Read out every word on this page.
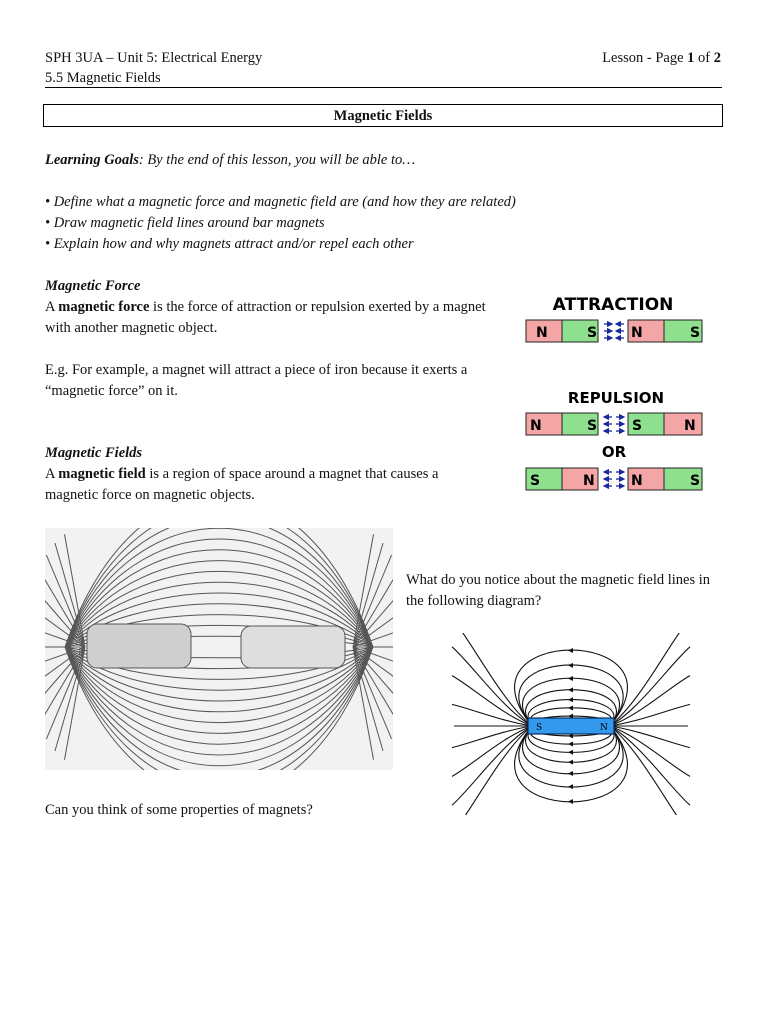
SPH 3UA – Unit 5: Electrical Energy
5.5 Magnetic Fields
Lesson - Page 1 of 2
Magnetic Fields
Learning Goals: By the end of this lesson, you will be able to…
• Define what a magnetic force and magnetic field are (and how they are related)
• Draw magnetic field lines around bar magnets
• Explain how and why magnets attract and/or repel each other
Magnetic Force
A magnetic force is the force of attraction or repulsion exerted by a magnet with another magnetic object.
E.g. For example, a magnet will attract a piece of iron because it exerts a “magnetic force” on it.
Magnetic Fields
A magnetic field is a region of space around a magnet that causes a magnetic force on magnetic objects.
ATTRACTION
N	S N	S
REPULSION
N	S S	N
OR
S	N	N	S
What do you notice about the magnetic field lines in the following diagram?
S	N
Can you think of some properties of magnets?
